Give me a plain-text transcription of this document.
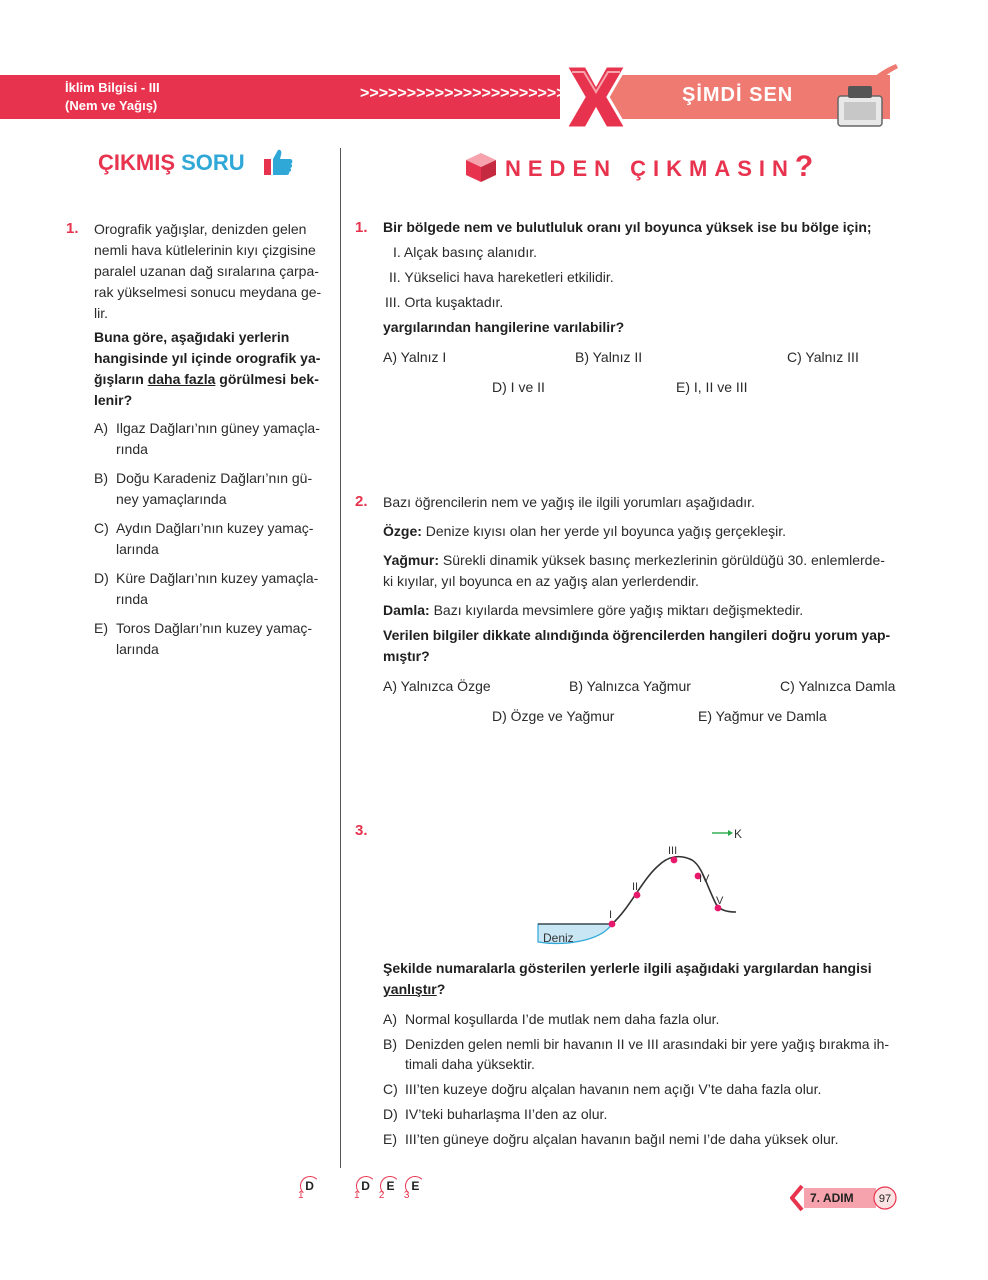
İklim Bilgisi - III
(Nem ve Yağış)
>>>>>>>>>>>>>>>>>>>>>>	ŞİMDİ SEN
ÇIKMIŞ SORU	NEDEN ÇIKMASIN?
1. Orografik yağışlar, denizden gelen
nemli hava kütlelerinin kıyı çizgisine
paralel uzanan dağ sıralarına çarpa-
rak yükselmesi sonucu meydana ge-
lir.
Buna göre, aşağıdaki yerlerin
hangisinde yıl içinde orografik ya-
ğışların daha fazla görülmesi bek-
lenir?
A) Ilgaz Dağları’nın güney yamaçla-
rında
B) Doğu Karadeniz Dağları’nın gü-
ney yamaçlarında
C) Aydın Dağları’nın kuzey yamaç-
larında
D) Küre Dağları’nın kuzey yamaçla-
rında
E) Toros Dağları’nın kuzey yamaç-
larında
1. Bir bölgede nem ve bulutluluk oranı yıl boyunca yüksek ise bu bölge için;
I. Alçak basınç alanıdır.
II. Yükselici hava hareketleri etkilidir.
III. Orta kuşaktadır.
yargılarından hangilerine varılabilir?
A) Yalnız I	B) Yalnız II	C) Yalnız III
D) I ve II	E) I, II ve III
2. Bazı öğrencilerin nem ve yağış ile ilgili yorumları aşağıdadır.
Özge: Denize kıyısı olan her yerde yıl boyunca yağış gerçekleşir.
Yağmur: Sürekli dinamik yüksek basınç merkezlerinin görüldüğü 30. enlemlerde-
ki kıyılar, yıl boyunca en az yağış alan yerlerdendir.
Damla: Bazı kıyılarda mevsimlere göre yağış miktarı değişmektedir.
Verilen bilgiler dikkate alındığında öğrencilerden hangileri doğru yorum yap-
mıştır?
A) Yalnızca Özge	B) Yalnızca Yağmur	C) Yalnızca Damla
D) Özge ve Yağmur	E) Yağmur ve Damla
3.
Deniz
I
II
III
IV
V
K
Şekilde numaralarla gösterilen yerlerle ilgili aşağıdaki yargılardan hangisi
yanlıştır?
A) Normal koşullarda I’de mutlak nem daha fazla olur.
B) Denizden gelen nemli bir havanın II ve III arasındaki bir yere yağış bırakma ih-
timali daha yüksektir.
C) III’ten kuzeye doğru alçalan havanın nem açığı V’te daha fazla olur.
D) IV’teki buharlaşma II’den az olur.
E) III’ten güneye doğru alçalan havanın bağıl nemi I’de daha yüksek olur.
$_1$D
$_1$D $_2$E $_3$E
7. ADIM 97
